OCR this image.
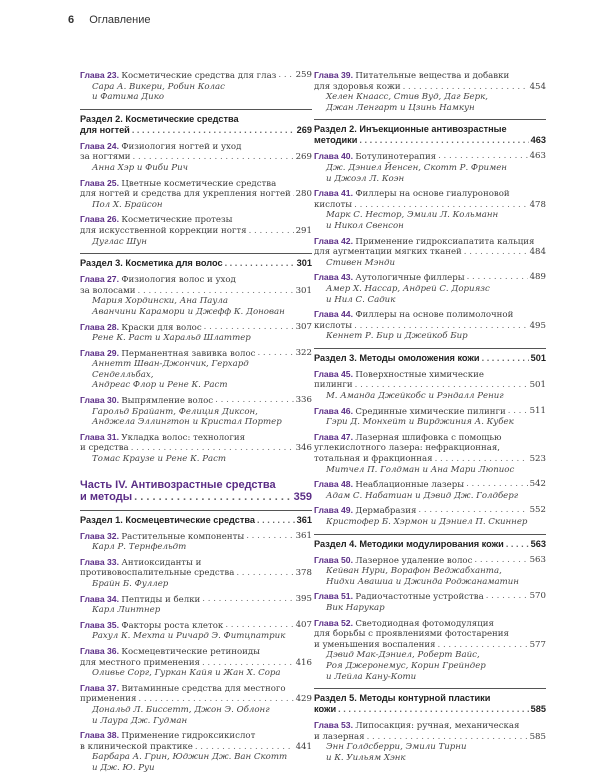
6 Оглавление
Глава 23. Косметические средства для глаз . . . 259
Сара А. Викери, Робин Колас
и Фатима Дико
Раздел 2. Косметические средства
для ногтей . . .	269
Глава 24. Физиология ногтей и уход
за ногтями . . .	269
Анна Хэр и Фиби Рич
Глава 25. Цветные косметические средства
для ногтей и средства для укрепления ногтей . . . 280
Пол Х. Брайсон
Глава 26. Косметические протезы
для искусственной коррекции ногтя . . .	291
Дуглас Шун
Раздел 3. Косметика для волос . . .	301
Глава 27. Физиология волос и уход
за волосами . . .	301
Мария Хордински, Ана Паула
Аванчини Карамори и Джефф К. Донован
Глава 28. Краски для волос . . .	307
Рене К. Раст и Харальд Шлаттер
Глава 29. Перманентная завивка волос . . .	322
Аннетт Шван-Джончик, Герхард Сенделльбах,
Андреас Флор и Рене К. Раст
Глава 30. Выпрямление волос . . .	336
Гарольд Брайант, Фелиция Диксон,
Анджела Эллингтон и Кристал Портер
Глава 31. Укладка волос: технология
и средства . . .	346
Томас Краузе и Рене К. Раст
Часть IV. Антивозрастные средства
и методы . . .	359
Раздел 1. Космецевтические средства . . .	361
Глава 32. Растительные компоненты . . .	361
Карл Р. Тернфельдт
Глава 33. Антиоксиданты и
противовоспалительные средства . . .	378
Брайн Б. Фуллер
Глава 34. Пептиды и белки . . .	395
Карл Линтнер
Глава 35. Факторы роста клеток . . .	407
Рахул К. Мехта и Ричард Э. Фитцпатрик
Глава 36. Космецевтические ретиноиды
для местного применения . . .	416
Оливье Сорг, Гуркан Кайя и Жан Х. Сора
Глава 37. Витаминные средства для местного
применения . . .	429
Дональд Л. Биссетт, Джон Э. Облонг
и Лаура Дж. Гудман
Глава 38. Применение гидроксикислот
в клинической практике . . .	441
Барбара А. Грин, Юджин Дж. Ван Скотт
и Дж. Ю. Руи
Глава 39. Питательные вещества и добавки
для здоровья кожи . . .	454
Хелен Кнаасс, Стив Вуд, Даг Берк,
Джан Ленгарт и Цзинь Намкун
Раздел 2. Инъекционные антивозрастные
методики . . .	463
Глава 40. Ботулинотерапия . . .	463
Дж. Дэниел Йенсен, Скотт Р. Фримен
и Джоэл Л. Коэн
Глава 41. Филлеры на основе гиалуроновой
кислоты . . .	478
Марк С. Нестор, Эмили Л. Кольманн
и Никол Свенсон
Глава 42. Применение гидроксиапатита кальция
для аугментации мягких тканей . . .	484
Стивен Мэнди
Глава 43. Аутологичные филлеры . . .	489
Амер Х. Нассар, Андрей С. Дориязс
и Нил С. Садик
Глава 44. Филлеры на основе полимолочной
кислоты . . .	495
Кеннет Р. Бир и Джейкоб Бир
Раздел 3. Методы омоложения кожи . . .	501
Глава 45. Поверхностные химические
пилинги . . .	501
М. Аманда Джейкобс и Рэндалл Рениг
Глава 46. Срединные химические пилинги . . .	511
Гэри Д. Монхейт и Вирджиния А. Кубек
Глава 47. Лазерная шлифовка с помощью
углекислотного лазера: нефракционная,
тотальная и фракционная . . .	523
Митчел П. Голдман и Ана Мари Люпиос
Глава 48. Неаблационные лазеры . . .	542
Адам С. Набатиан и Дэвид Дж. Голдберг
Глава 49. Дермабразия . . .	552
Кристофер Б. Хэрмон и Дэниел П. Скиннер
Раздел 4. Методики модулирования кожи . . .	563
Глава 50. Лазерное удаление волос . . .	563
Кейван Нури, Ворафон Веджабханта,
Нидхи Авашиа и Джинда Роджанаматин
Глава 51. Радиочастотные устройства . . .	570
Вик Нарукар
Глава 52. Светодиодная фотомодуляция
для борьбы с проявлениями фотостарения
и уменьшения воспаления . . .	577
Дэвид Мак-Дэниел, Роберт Вайс,
Роя Джеронемус, Корин Грейндер
и Лейла Кану-Коти
Раздел 5. Методы контурной пластики
кожи . . .	585
Глава 53. Липосакция: ручная, механическая
и лазерная . . .	585
Энн Голдсберри, Эмили Тирни
и К. Уильям Хэнк
